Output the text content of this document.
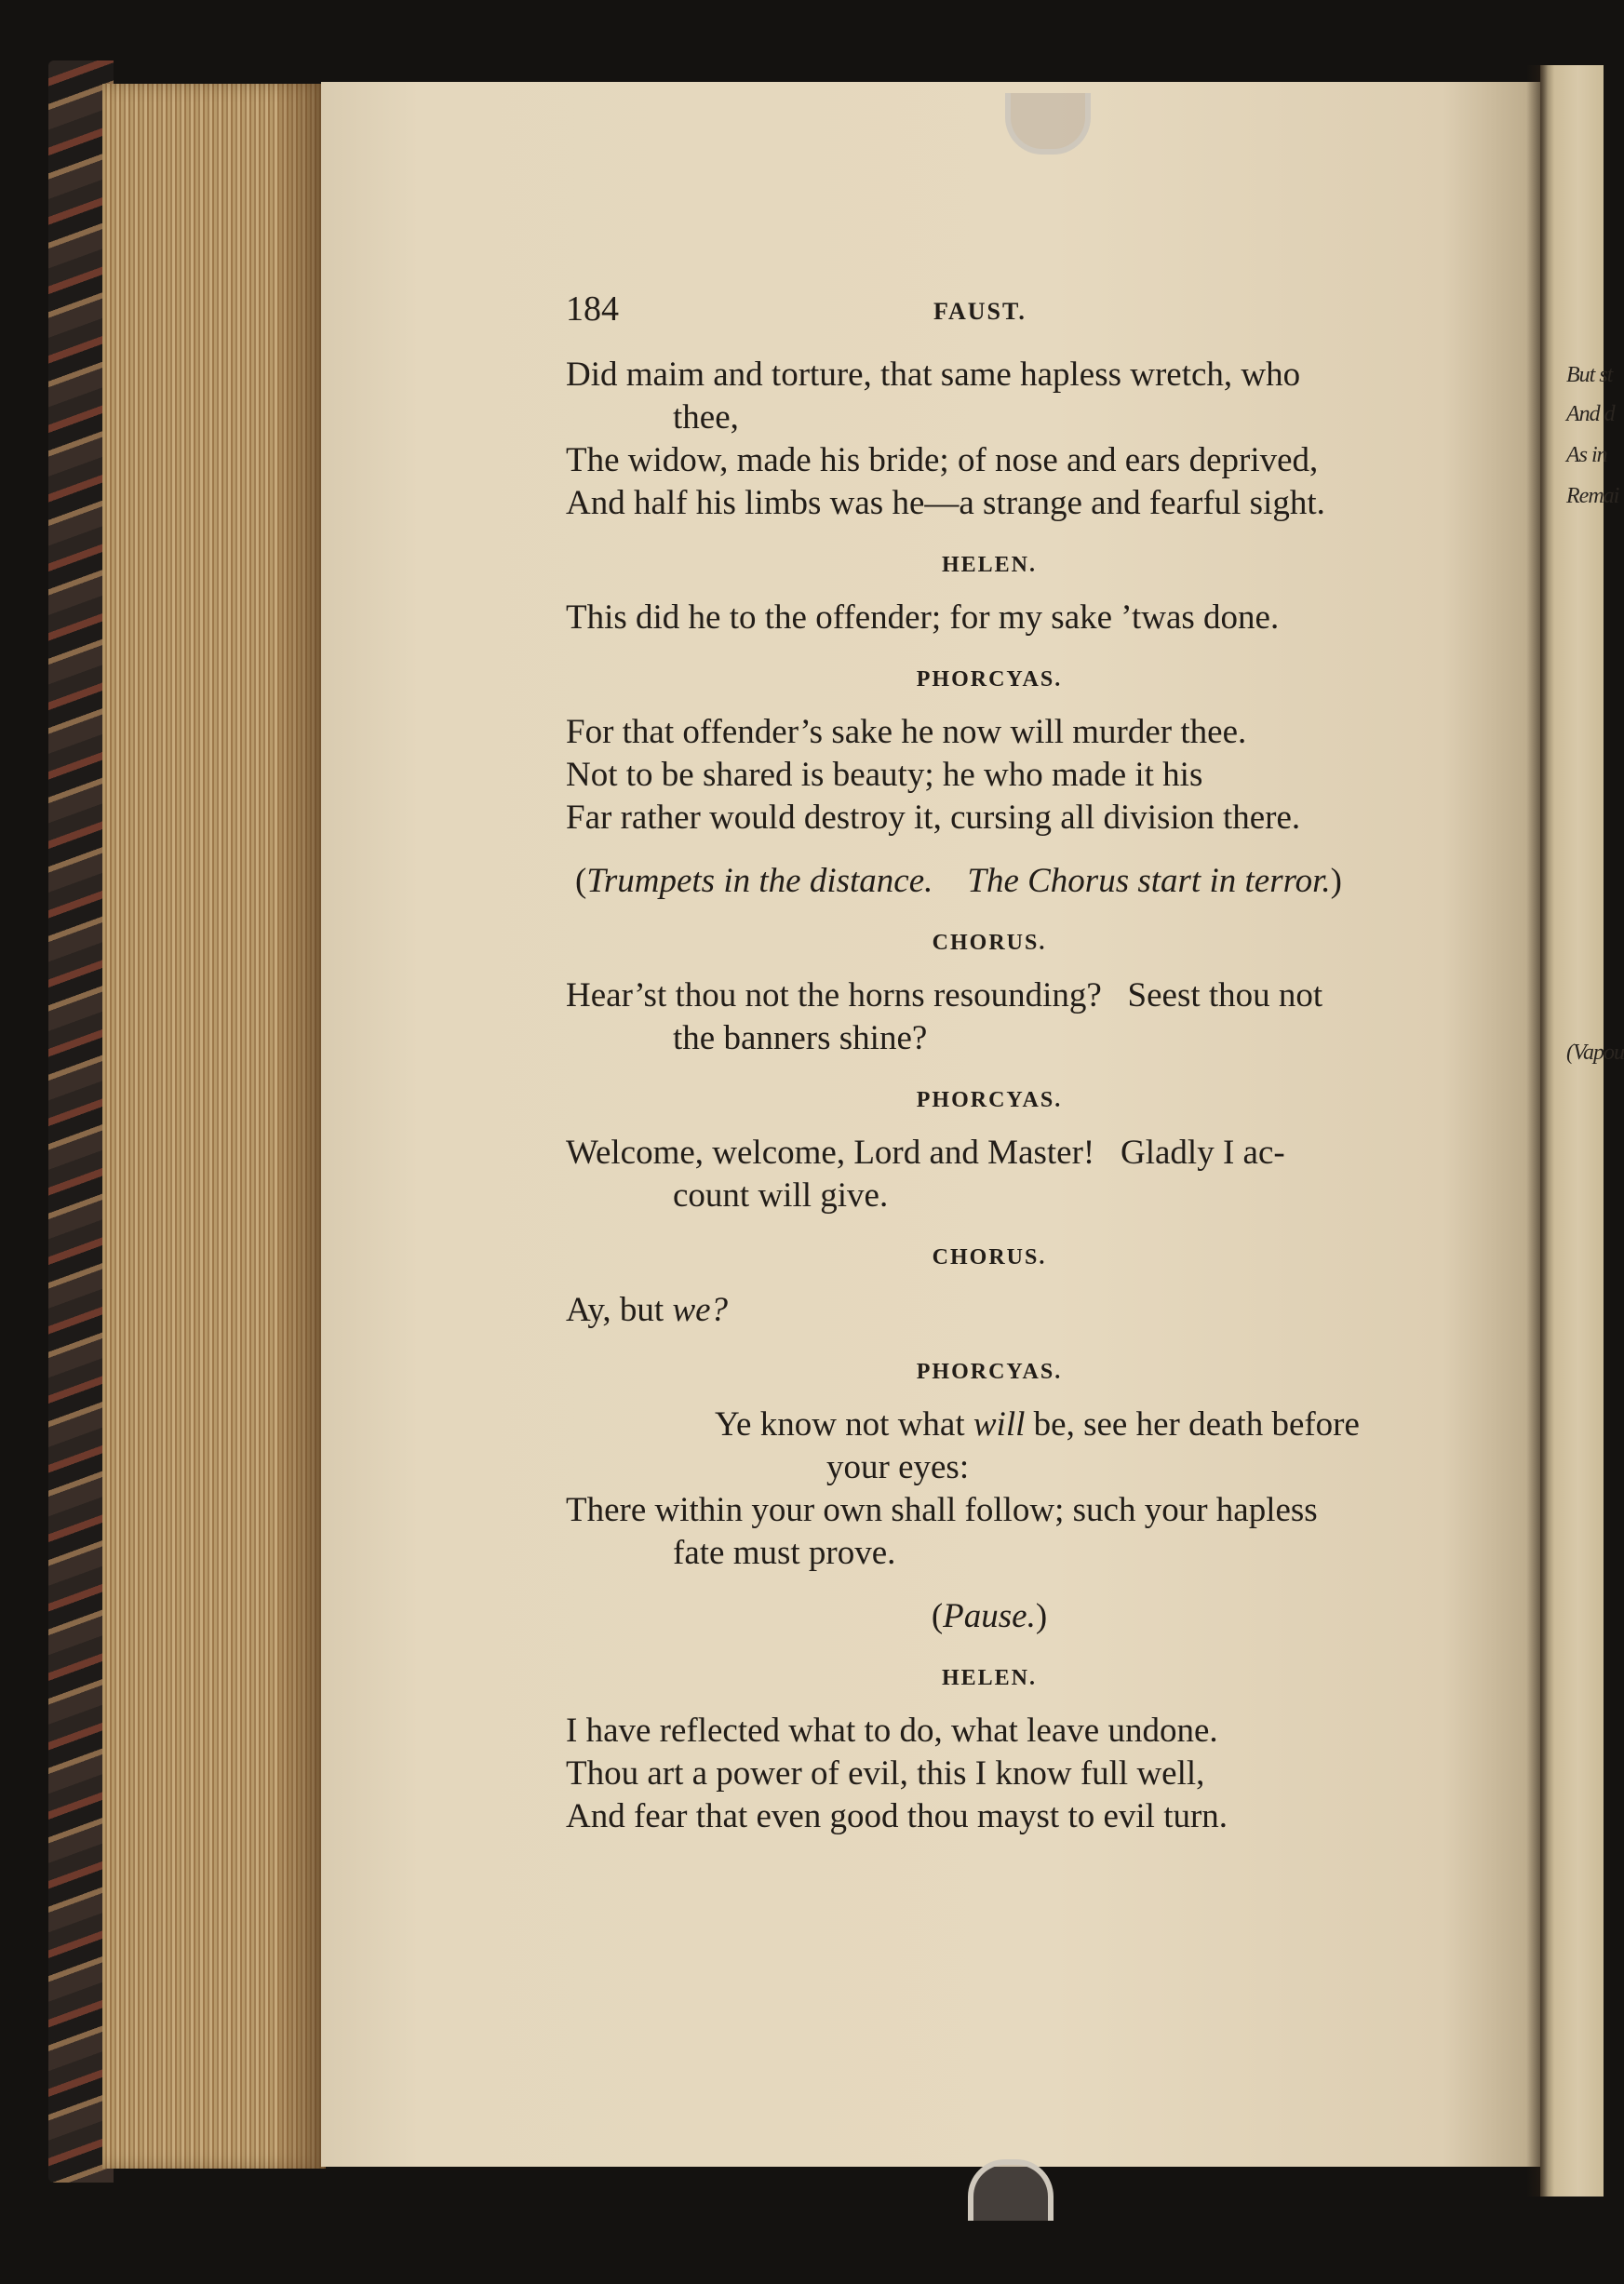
But st
And d
As in
Remai
(Vapou
184	FAUST.
Did maim and torture, that same hapless wretch, who
thee,
The widow, made his bride; of nose and ears deprived,
And half his limbs was he—a strange and fearful sight.
HELEN.
This did he to the offender; for my sake ’twas done.
PHORCYAS.
For that offender’s sake he now will murder thee.
Not to be shared is beauty; he who made it his
Far rather would destroy it, cursing all division there.
(Trumpets in the distance. The Chorus start in terror.)
CHORUS.
Hear’st thou not the horns resounding?   Seest thou not
the banners shine?
PHORCYAS.
Welcome, welcome, Lord and Master!   Gladly I ac-
count will give.
CHORUS.
Ay, but we?
PHORCYAS.
Ye know not what will be, see her death before
your eyes:
There within your own shall follow; such your hapless
fate must prove.
(Pause.)
HELEN.
I have reflected what to do, what leave undone.
Thou art a power of evil, this I know full well,
And fear that even good thou mayst to evil turn.
